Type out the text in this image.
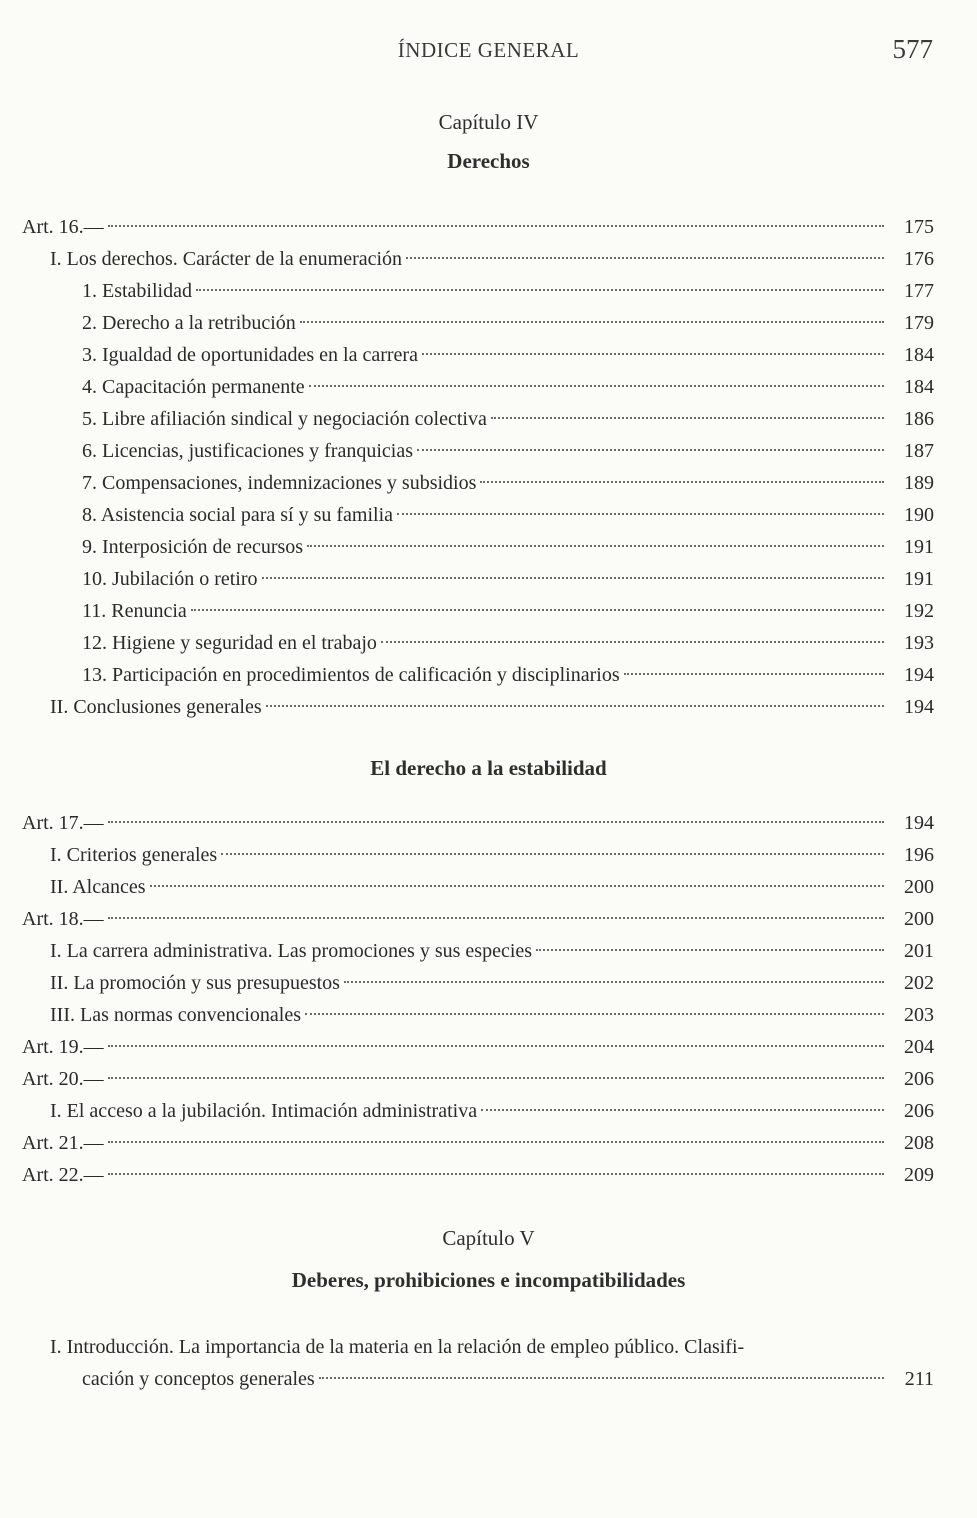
ÍNDICE GENERAL	577
Capítulo IV
Derechos
Art. 16.—	175
I. Los derechos. Carácter de la enumeración	176
1. Estabilidad	177
2. Derecho a la retribución	179
3. Igualdad de oportunidades en la carrera	184
4. Capacitación permanente	184
5. Libre afiliación sindical y negociación colectiva	186
6. Licencias, justificaciones y franquicias	187
7. Compensaciones, indemnizaciones y subsidios	189
8. Asistencia social para sí y su familia	190
9. Interposición de recursos	191
10. Jubilación o retiro	191
11. Renuncia	192
12. Higiene y seguridad en el trabajo	193
13. Participación en procedimientos de calificación y disciplinarios	194
II. Conclusiones generales	194
El derecho a la estabilidad
Art. 17.—	194
I. Criterios generales	196
II. Alcances	200
Art. 18.—	200
I. La carrera administrativa. Las promociones y sus especies	201
II. La promoción y sus presupuestos	202
III. Las normas convencionales	203
Art. 19.—	204
Art. 20.—	206
I. El acceso a la jubilación. Intimación administrativa	206
Art. 21.—	208
Art. 22.—	209
Capítulo V
Deberes, prohibiciones e incompatibilidades
I. Introducción. La importancia de la materia en la relación de empleo público. Clasifi-
cación y conceptos generales	211
